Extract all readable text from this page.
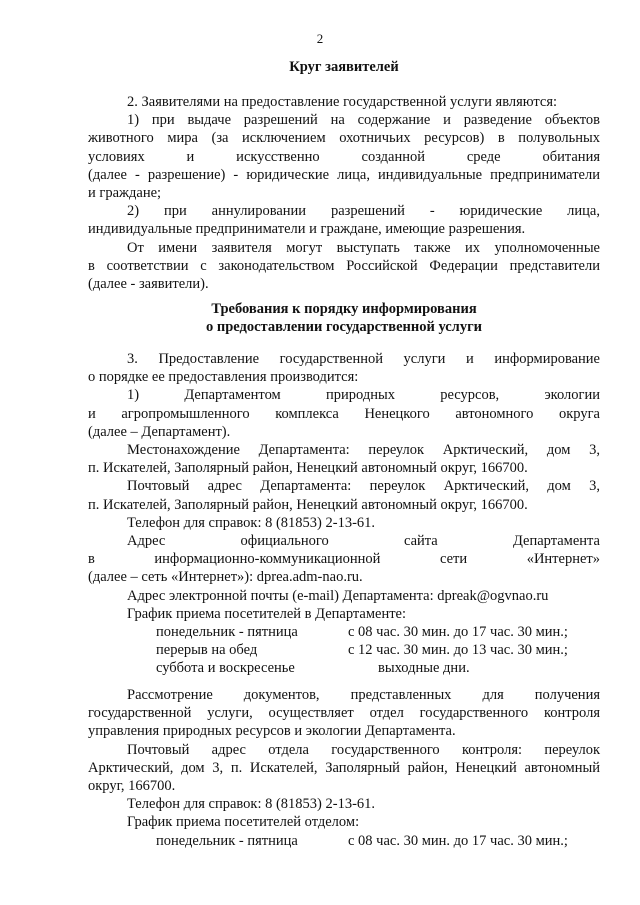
2
Круг заявителей
2. Заявителями на предоставление государственной услуги являются:
1) при выдаче разрешений на содержание и разведение объектов
животного мира (за исключением охотничьих ресурсов) в полувольных
условиях и искусственно созданной среде обитания
(далее - разрешение) - юридические лица, индивидуальные предприниматели
и граждане;
2) при аннулировании разрешений - юридические лица,
индивидуальные предприниматели и граждане, имеющие разрешения.
От имени заявителя могут выступать также их уполномоченные
в соответствии с законодательством Российской Федерации представители
(далее - заявители).
Требования к порядку информирования
о предоставлении государственной услуги
3. Предоставление государственной услуги и информирование
о порядке ее предоставления производится:
1) Департаментом природных ресурсов, экологии
и агропромышленного комплекса Ненецкого автономного округа
(далее – Департамент).
Местонахождение Департамента: переулок Арктический, дом 3,
п. Искателей, Заполярный район, Ненецкий автономный округ, 166700.
Почтовый адрес Департамента: переулок Арктический, дом 3,
п. Искателей, Заполярный район, Ненецкий автономный округ, 166700.
Телефон для справок: 8 (81853) 2-13-61.
Адрес официального сайта Департамента
в информационно-коммуникационной сети «Интернет»
(далее – сеть «Интернет»): dprea.adm-nao.ru.
Адрес электронной почты (e-mail) Департамента: dpreak@ogvnao.ru
График приема посетителей в Департаменте:
понедельник - пятница	с 08 час. 30 мин. до 17 час. 30 мин.;
перерыв на обед	с 12 час. 30 мин. до 13 час. 30 мин.;
суббота и воскресенье	выходные дни.
Рассмотрение документов, представленных для получения
государственной услуги, осуществляет отдел государственного контроля
управления природных ресурсов и экологии Департамента.
Почтовый адрес отдела государственного контроля: переулок
Арктический, дом 3, п. Искателей, Заполярный район, Ненецкий автономный
округ, 166700.
Телефон для справок: 8 (81853) 2-13-61.
График приема посетителей отделом:
понедельник - пятница	с 08 час. 30 мин. до 17 час. 30 мин.;
